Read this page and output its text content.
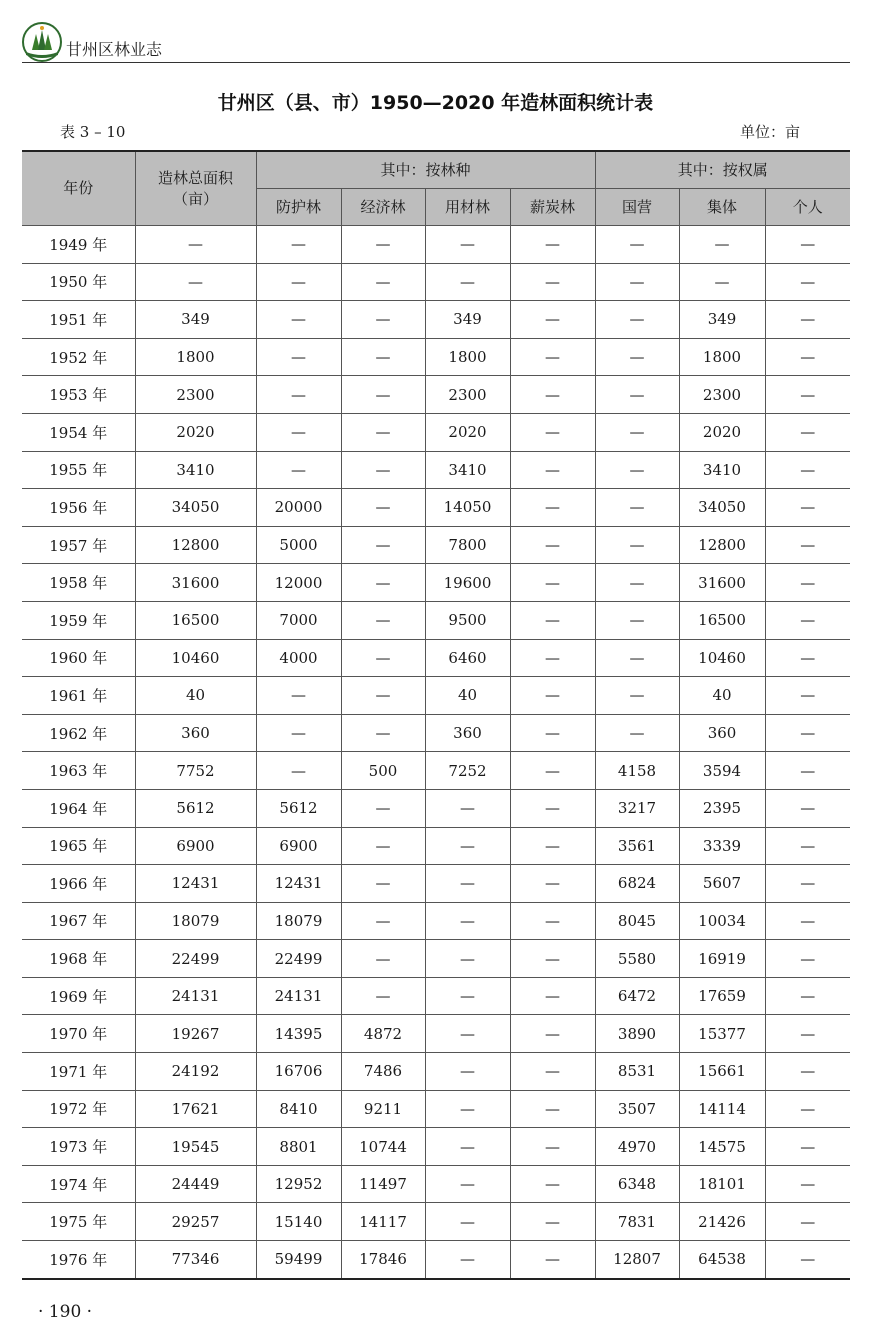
甘州区林业志
甘州区（县、市）1950—2020 年造林面积统计表
表 3 – 10	单位：亩
年份	造林总面积
（亩）	其中：按林种				其中：按权属		
		防护林	经济林	用材林	薪炭林	国营	集体	个人
1949 年	—	—	—	—	—	—	—	—
1950 年	—	—	—	—	—	—	—	—
1951 年	349	—	—	349	—	—	349	—
1952 年	1800	—	—	1800	—	—	1800	—
1953 年	2300	—	—	2300	—	—	2300	—
1954 年	2020	—	—	2020	—	—	2020	—
1955 年	3410	—	—	3410	—	—	3410	—
1956 年	34050	20000	—	14050	—	—	34050	—
1957 年	12800	5000	—	7800	—	—	12800	—
1958 年	31600	12000	—	19600	—	—	31600	—
1959 年	16500	7000	—	9500	—	—	16500	—
1960 年	10460	4000	—	6460	—	—	10460	—
1961 年	40	—	—	40	—	—	40	—
1962 年	360	—	—	360	—	—	360	—
1963 年	7752	—	500	7252	—	4158	3594	—
1964 年	5612	5612	—	—	—	3217	2395	—
1965 年	6900	6900	—	—	—	3561	3339	—
1966 年	12431	12431	—	—	—	6824	5607	—
1967 年	18079	18079	—	—	—	8045	10034	—
1968 年	22499	22499	—	—	—	5580	16919	—
1969 年	24131	24131	—	—	—	6472	17659	—
1970 年	19267	14395	4872	—	—	3890	15377	—
1971 年	24192	16706	7486	—	—	8531	15661	—
1972 年	17621	8410	9211	—	—	3507	14114	—
1973 年	19545	8801	10744	—	—	4970	14575	—
1974 年	24449	12952	11497	—	—	6348	18101	—
1975 年	29257	15140	14117	—	—	7831	21426	—
1976 年	77346	59499	17846	—	—	12807	64538	—
· 190 ·
